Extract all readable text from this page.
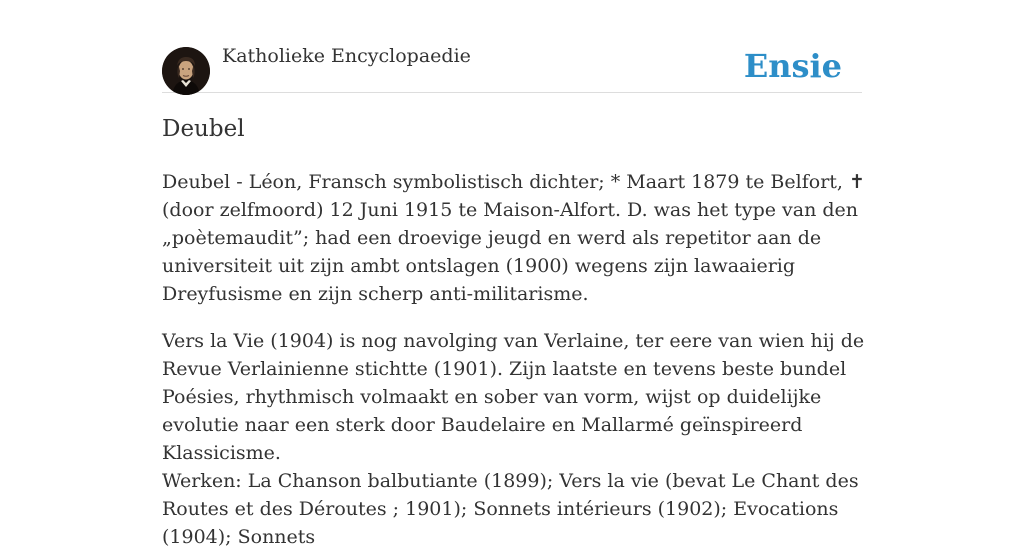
Katholieke Encyclopaedie	Ensie
Deubel

Deubel - Léon, Fransch symbolistisch dichter; * Maart 1879 te Belfort, ✝ (door zelfmoord) 12 Juni 1915 te Maison-Alfort. D. was het type van den „poètemaudit”; had een droevige jeugd en werd als repetitor aan de universiteit uit zijn ambt ontslagen (1900) wegens zijn lawaaierig Dreyfusisme en zijn scherp anti-militarisme.

Vers la Vie (1904) is nog navolging van Verlaine, ter eere van wien hij de Revue Verlainienne stichtte (1901). Zijn laatste en tevens beste bundel Poésies, rhythmisch volmaakt en sober van vorm, wijst op duidelijke evolutie naar een sterk door Baudelaire en Mallarmé geïnspireerd Klassicisme.

Werken: La Chanson balbutiante (1899); Vers la vie (bevat Le Chant des Routes et des Déroutes ; 1901); Sonnets intérieurs (1902); Evocations (1904); Sonnets
